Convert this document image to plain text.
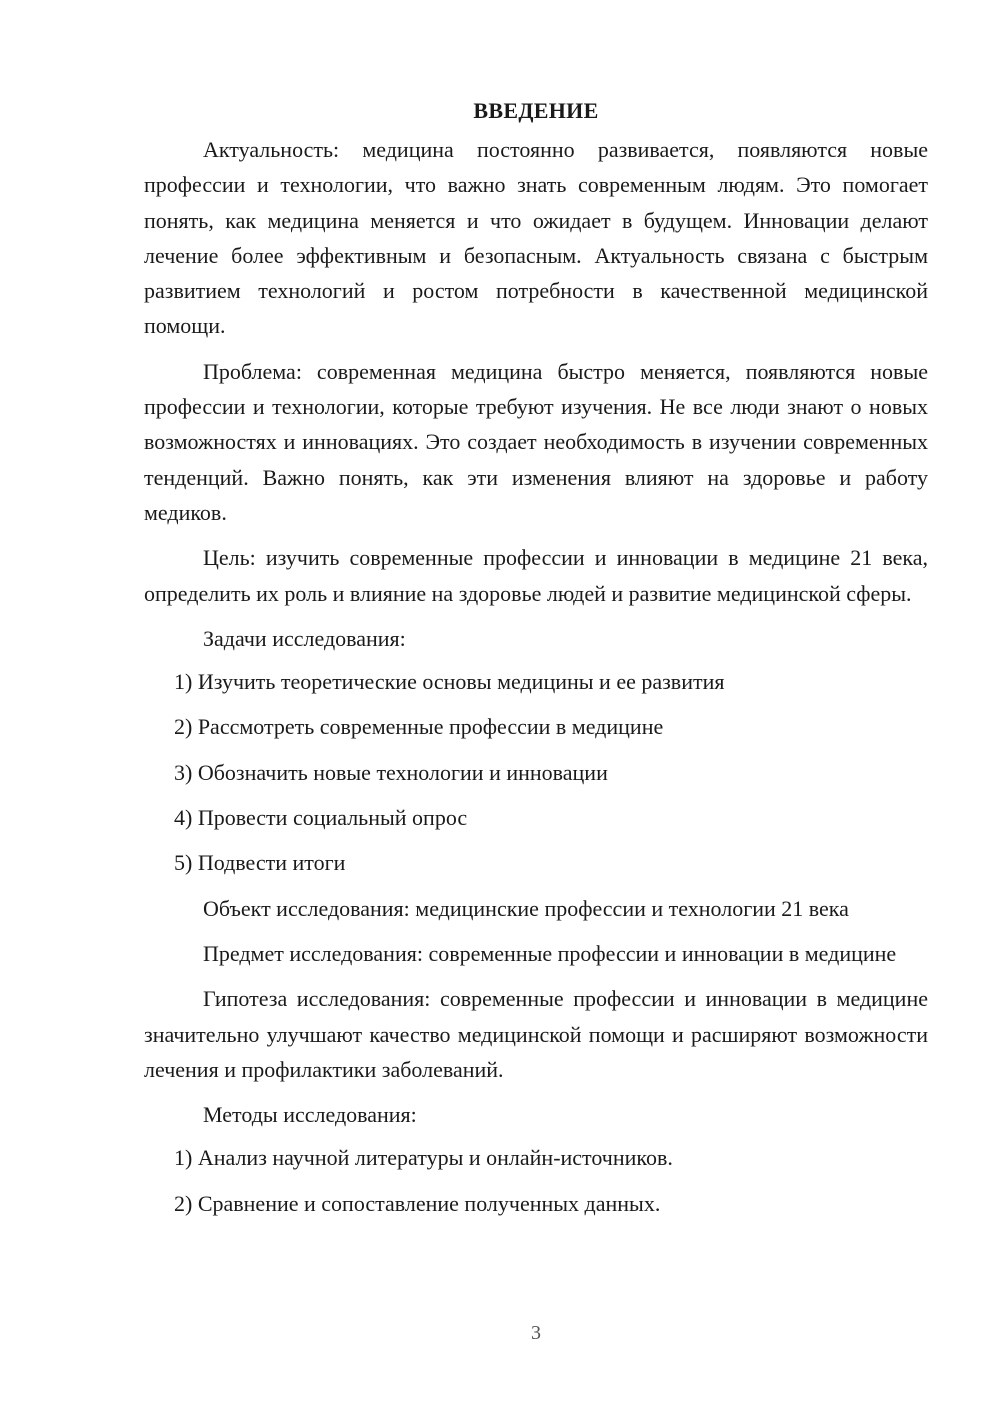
ВВЕДЕНИЕ

Актуальность: медицина постоянно развивается, появляются новые профессии и технологии, что важно знать современным людям. Это помогает понять, как медицина меняется и что ожидает в будущем. Инновации делают лечение более эффективным и безопасным. Актуальность связана с быстрым развитием технологий и ростом потребности в качественной медицинской помощи.

Проблема: современная медицина быстро меняется, появляются новые профессии и технологии, которые требуют изучения. Не все люди знают о новых возможностях и инновациях. Это создает необходимость в изучении современных тенденций. Важно понять, как эти изменения влияют на здоровье и работу медиков.

Цель: изучить современные профессии и инновации в медицине 21 века, определить их роль и влияние на здоровье людей и развитие медицинской сферы.

Задачи исследования:

1) Изучить теоретические основы медицины и ее развития
2) Рассмотреть современные профессии в медицине
3) Обозначить новые технологии и инновации
4) Провести социальный опрос
5) Подвести итоги

Объект исследования: медицинские профессии и технологии 21 века

Предмет исследования: современные профессии и инновации в медицине

Гипотеза исследования: современные профессии и инновации в медицине значительно улучшают качество медицинской помощи и расширяют возможности лечения и профилактики заболеваний.

Методы исследования:

1) Анализ научной литературы и онлайн-источников.
2) Сравнение и сопоставление полученных данных.
3
